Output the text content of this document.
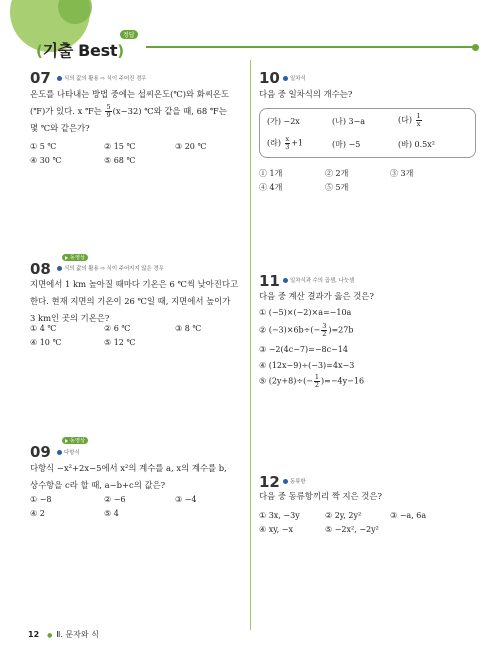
(기출 Best)
정답
07 식의 값의 활용 ⇨ 식이 주어진 경우
온도를 나타내는 방법 중에는 섭씨온도(℃)와 화씨온도
(℉)가 있다. x ℉는 $\frac{5}{9} (x-32)$ ℃와 같을 때, 68 ℉는
몇 ℃와 같은가?
① 5 ℃	② 15 ℃	③ 20 ℃
④ 30 ℃	⑤ 68 ℃
동영상
08 식의 값의 활용 ⇨ 식이 주어지지 않은 경우
지면에서 1 km 높아질 때마다 기온은 6 ℃씩 낮아진다고
한다. 현재 지면의 기온이 26 ℃일 때, 지면에서 높이가
3 km인 곳의 기온은?
① 4 ℃	② 6 ℃	③ 8 ℃
④ 10 ℃	⑤ 12 ℃
동영상
09 다항식
다항식 −x²+2x−5에서 x²의 계수를 a, x의 계수를 b,
상수항을 c라 할 때, a−b+c의 값은?
① −8	② −6	③ −4
④ 2	⑤ 4
10 일차식
다음 중 일차식의 개수는?
(가) −2x	(나) 3−a	(다) $\frac{1}{x}$
(라) $\frac{x}{3} +1$	(마) −5	(바) 0.5x²
① 1개	② 2개	③ 3개
④ 4개	⑤ 5개
11 일차식과 수의 곱셈, 나눗셈
다음 중 계산 결과가 옳은 것은?
① (−5)×(−2)×a=−10a
② $(-3)\times 6b\div(- \frac{3}{2} )=27b$
③ −2(4c−7)=−8c−14
④ (12x−9)÷(−3)=4x−3
⑤ $(2y+8)\div(- \frac{1}{2} )=-4y-16$
12 동류항
다음 중 동류항끼리 짝 지은 것은?
① 3x, −3y	② 2y, 2y²	③ −a, 6a
④ xy, −x	⑤ −2x², −2y²
12 ● Ⅱ. 문자와 식
